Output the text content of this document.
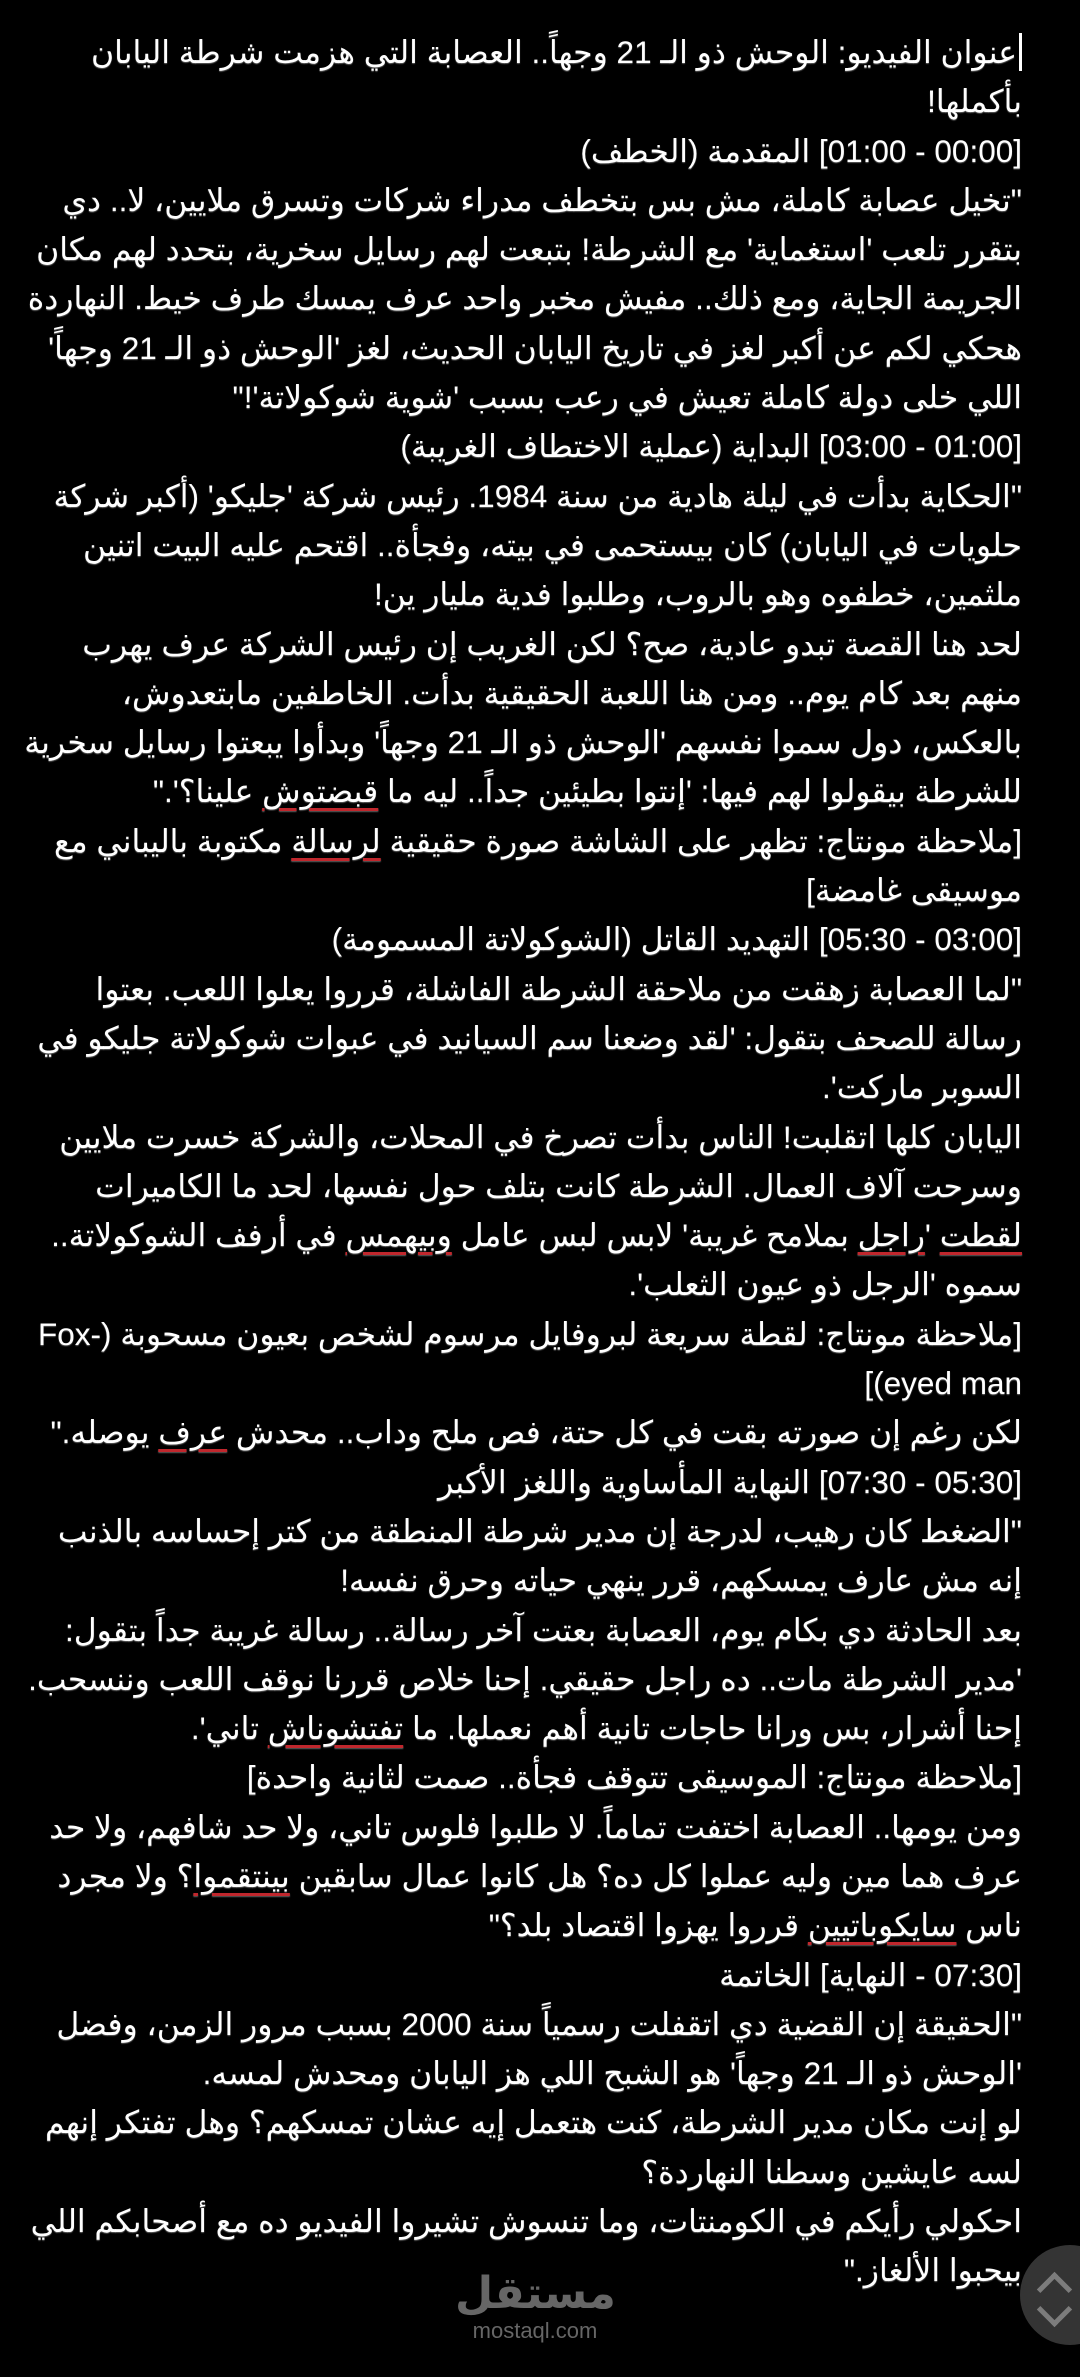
عنوان الفيديو: الوحش ذو الـ 21 وجهاً.. العصابة التي هزمت شرطة اليابان بأكملها!
[00:00 - 01:00] المقدمة (الخطف)
"تخيل عصابة كاملة، مش بس بتخطف مدراء شركات وتسرق ملايين، لا.. دي بتقرر تلعب 'استغماية' مع الشرطة! بتبعت لهم رسايل سخرية، بتحدد لهم مكان الجريمة الجاية، ومع ذلك.. مفيش مخبر واحد عرف يمسك طرف خيط. النهاردة هحكي لكم عن أكبر لغز في تاريخ اليابان الحديث، لغز 'الوحش ذو الـ 21 وجهاً' اللي خلى دولة كاملة تعيش في رعب بسبب 'شوية شوكولاتة'!"
[01:00 - 03:00] البداية (عملية الاختطاف الغريبة)
"الحكاية بدأت في ليلة هادية من سنة 1984. رئيس شركة 'جليكو' (أكبر شركة حلويات في اليابان) كان بيستحمى في بيته، وفجأة.. اقتحم عليه البيت اتنين ملثمين، خطفوه وهو بالروب، وطلبوا فدية مليار ين!
لحد هنا القصة تبدو عادية، صح؟ لكن الغريب إن رئيس الشركة عرف يهرب منهم بعد كام يوم.. ومن هنا اللعبة الحقيقية بدأت. الخاطفين مابتعدوش، بالعكس، دول سموا نفسهم 'الوحش ذو الـ 21 وجهاً' وبدأوا يبعتوا رسايل سخرية للشرطة بيقولوا لهم فيها: 'إنتوا بطيئين جداً.. ليه ما قبضتوش علينا؟'."
[ملاحظة مونتاج: تظهر على الشاشة صورة حقيقية لرسالة مكتوبة باليباني مع موسيقى غامضة]
[03:00 - 05:30] التهديد القاتل (الشوكولاتة المسمومة)
"لما العصابة زهقت من ملاحقة الشرطة الفاشلة، قرروا يعلوا اللعب. بعتوا رسالة للصحف بتقول: 'لقد وضعنا سم السيانيد في عبوات شوكولاتة جليكو في السوبر ماركت'.
اليابان كلها اتقلبت! الناس بدأت تصرخ في المحلات، والشركة خسرت ملايين وسرحت آلاف العمال. الشرطة كانت بتلف حول نفسها، لحد ما الكاميرات لقطت 'راجل بملامح غريبة' لابس لبس عامل وبيهمس في أرفف الشوكولاتة.. سموه 'الرجل ذو عيون الثعلب'.
[ملاحظة مونتاج: لقطة سريعة لبروفايل مرسوم لشخص بعيون مسحوبة (Fox-eyed man)]
لكن رغم إن صورته بقت في كل حتة، فص ملح وداب.. محدش عرف يوصله."
[05:30 - 07:30] النهاية المأساوية واللغز الأكبر
"الضغط كان رهيب، لدرجة إن مدير شرطة المنطقة من كتر إحساسه بالذنب إنه مش عارف يمسكهم، قرر ينهي حياته وحرق نفسه!
بعد الحادثة دي بكام يوم، العصابة بعتت آخر رسالة.. رسالة غريبة جداً بتقول: 'مدير الشرطة مات.. ده راجل حقيقي. إحنا خلاص قررنا نوقف اللعب وننسحب. إحنا أشرار، بس ورانا حاجات تانية أهم نعملها. ما تفتشوناش تاني'.
[ملاحظة مونتاج: الموسيقى تتوقف فجأة.. صمت لثانية واحدة]
ومن يومها.. العصابة اختفت تماماً. لا طلبوا فلوس تاني، ولا حد شافهم، ولا حد عرف هما مين وليه عملوا كل ده؟ هل كانوا عمال سابقين بينتقموا؟ ولا مجرد ناس سايكوباتيين قرروا يهزوا اقتصاد بلد؟"
[07:30 - النهاية] الخاتمة
"الحقيقة إن القضية دي اتقفلت رسمياً سنة 2000 بسبب مرور الزمن، وفضل 'الوحش ذو الـ 21 وجهاً' هو الشبح اللي هز اليابان ومحدش لمسه.
لو إنت مكان مدير الشرطة، كنت هتعمل إيه عشان تمسكهم؟ وهل تفتكر إنهم لسه عايشين وسطنا النهاردة؟
احكولي رأيكم في الكومنتات، وما تنسوش تشيروا الفيديو ده مع أصحابكم اللي بيحبوا الألغاز."
مستقل
mostaql.com
